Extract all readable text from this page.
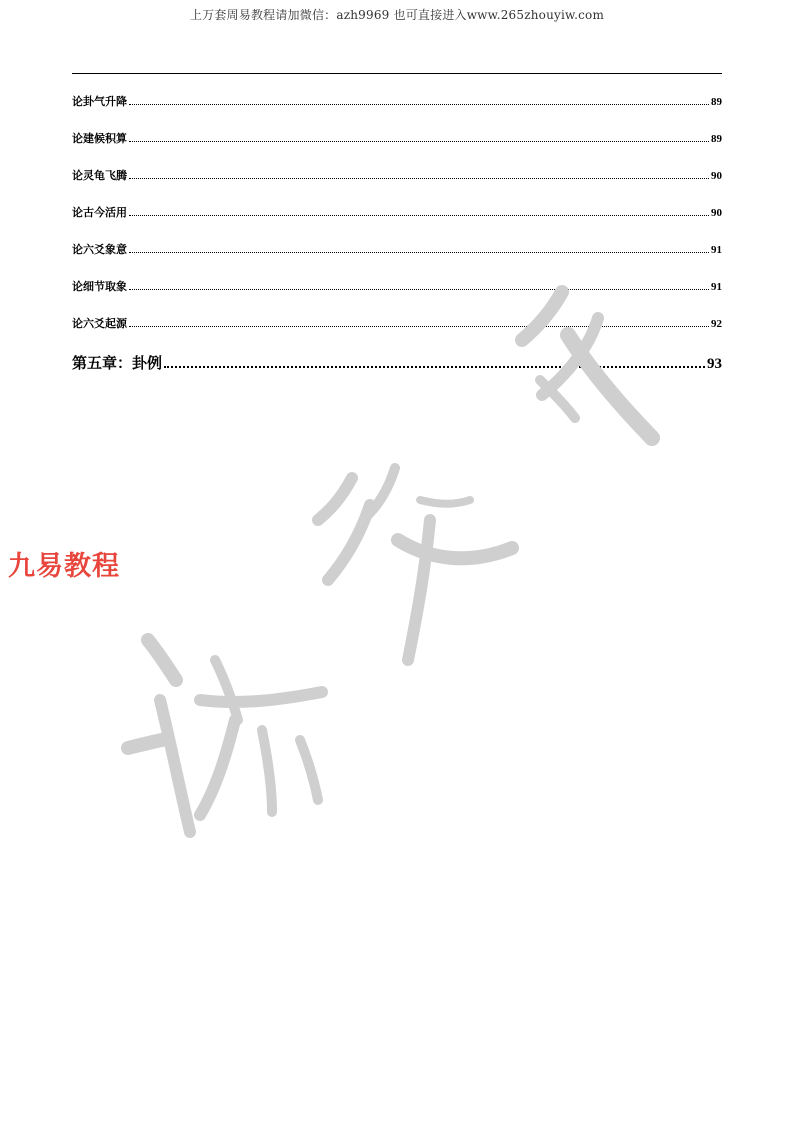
上万套周易教程请加微信：azh9969 也可直接进入www.265zhouyiw.com
论卦气升降	89
论建候积算	89
论灵龟飞腾	90
论古今活用	90
论六爻象意	91
论细节取象	91
论六爻起源	92
第五章：卦例	93
九易教程
